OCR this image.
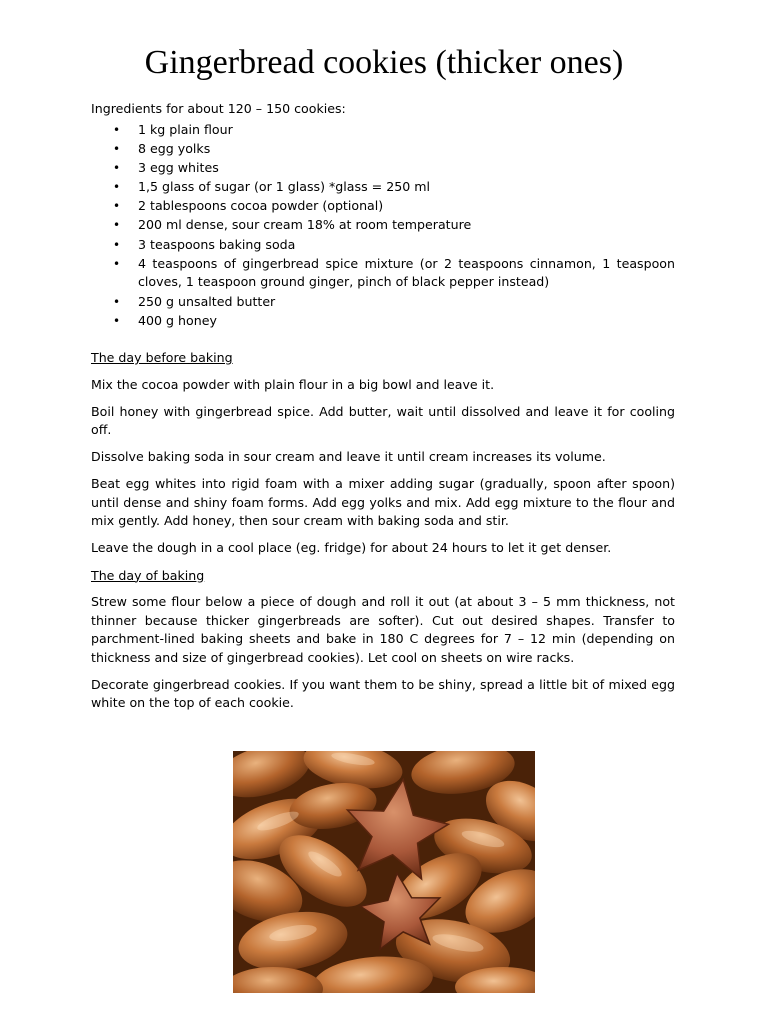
Gingerbread cookies (thicker ones)

Ingredients for about 120 – 150 cookies:

• 1 kg plain flour
• 8 egg yolks
• 3 egg whites
• 1,5 glass of sugar (or 1 glass) *glass = 250 ml
• 2 tablespoons cocoa powder (optional)
• 200 ml dense, sour cream 18% at room temperature
• 3 teaspoons baking soda
• 4 teaspoons of gingerbread spice mixture (or 2 teaspoons cinnamon, 1 teaspoon cloves, 1 teaspoon ground ginger, pinch of black pepper instead)
• 250 g unsalted butter
• 400 g honey

The day before baking

Mix the cocoa powder with plain flour in a big bowl and leave it.

Boil honey with gingerbread spice. Add butter, wait until dissolved and leave it for cooling off.

Dissolve baking soda in sour cream and leave it until cream increases its volume.

Beat egg whites into rigid foam with a mixer adding sugar (gradually, spoon after spoon) until dense and shiny foam forms. Add egg yolks and mix. Add egg mixture to the flour and mix gently. Add honey, then sour cream with baking soda and stir.

Leave the dough in a cool place (eg. fridge) for about 24 hours to let it get denser.

The day of baking

Strew some flour below a piece of dough and roll it out (at about 3 – 5 mm thickness, not thinner because thicker gingerbreads are softer). Cut out desired shapes. Transfer to parchment-lined baking sheets and bake in 180 C degrees for 7 – 12 min (depending on thickness and size of gingerbread cookies). Let cool on sheets on wire racks.

Decorate gingerbread cookies. If you want them to be shiny, spread a little bit of mixed egg white on the top of each cookie.
